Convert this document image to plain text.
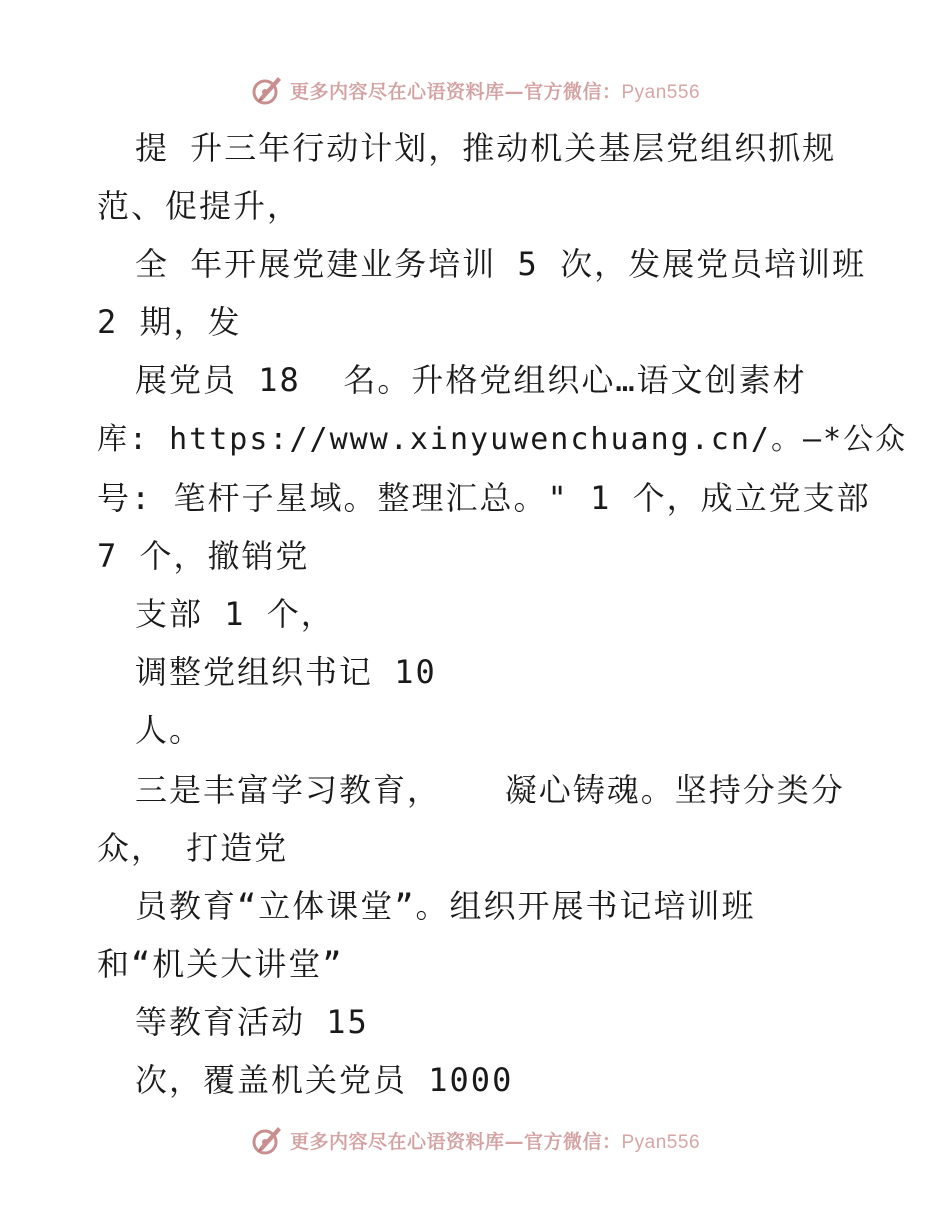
更多内容尽在心语资料库—官方微信：Pyan556
提 升三年行动计划，推动机关基层党组织抓规
范、促提升，
全 年开展党建业务培训 5 次，发展党员培训班
2 期，发
展党员 18  名。升格党组织心…语文创素材
库: https://www.xinyuwenchuang.cn/。—*公众
号: 笔杆子星域。整理汇总。" 1 个，成立党支部
7 个，撤销党
支部 1 个，
调整党组织书记 10
人。
三是丰富学习教育，   凝心铸魂。坚持分类分
众， 打造党
员教育“立体课堂”。组织开展书记培训班
和“机关大讲堂”
等教育活动 15
次，覆盖机关党员 1000
更多内容尽在心语资料库—官方微信：Pyan556
